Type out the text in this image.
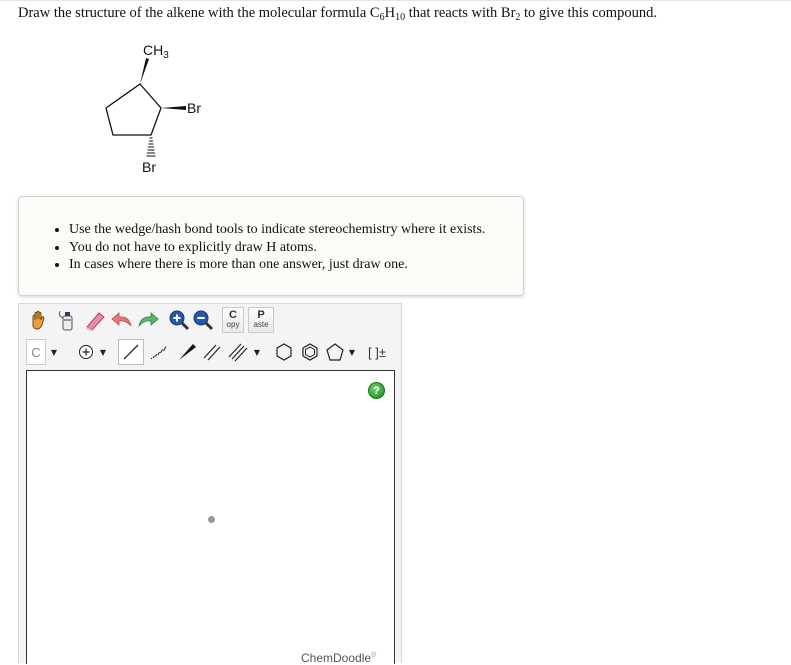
Draw the structure of the alkene with the molecular formula $C_6H_{10}$ that reacts with $Br_2$ to give this compound.
$CH_3$
Br
Br
• Use the wedge/hash bond tools to indicate stereochemistry where it exists.
• You do not have to explicitly draw H atoms.
• In cases where there is more than one answer, just draw one.
C
opy
P
aste
C	▼	▼	▼	▼ [ ]±
?
ChemDoodle®
